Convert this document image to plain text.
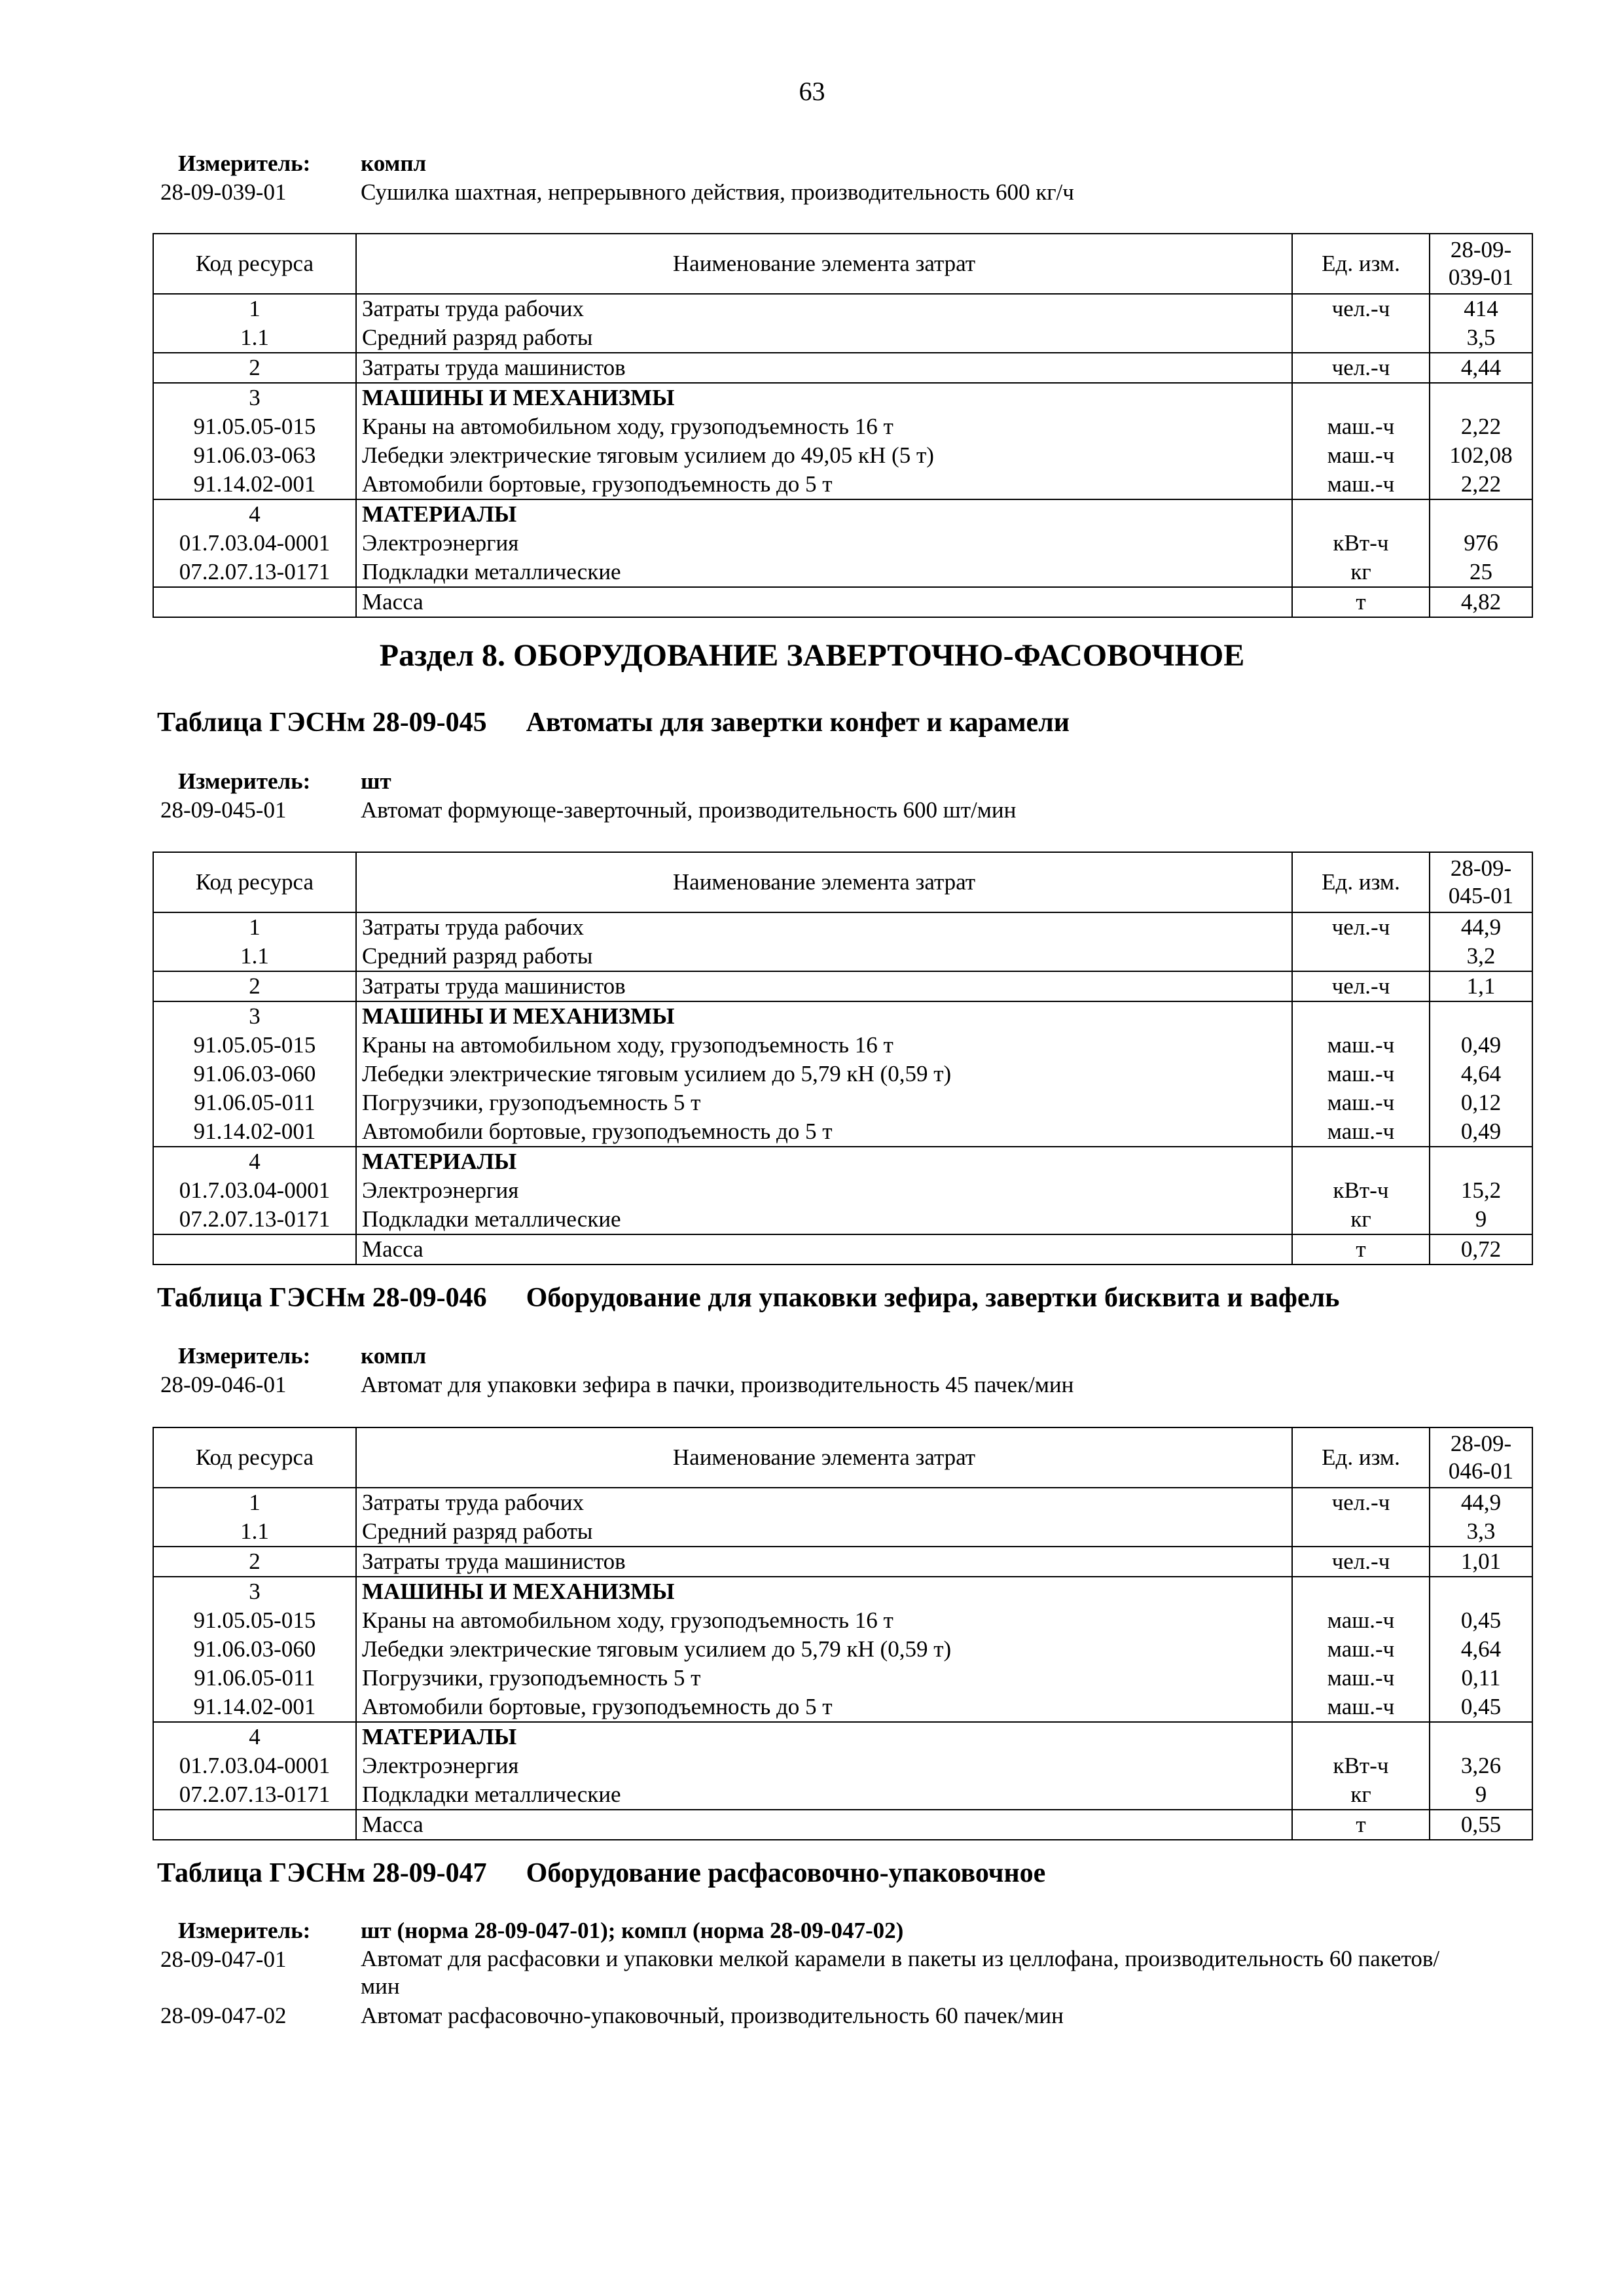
63
Измеритель: компл
28-09-039-01	Сушилка шахтная, непрерывного действия, производительность 600 кг/ч
Код ресурса	Наименование элемента затрат	Ед. изм.	28-09-
039-01
1	Затраты труда рабочих	чел.-ч	414
1.1	Средний разряд работы		3,5
2	Затраты труда машинистов	чел.-ч	4,44
3	МАШИНЫ И МЕХАНИЗМЫ		
91.05.05-015	Краны на автомобильном ходу, грузоподъемность 16 т	маш.-ч	2,22
91.06.03-063	Лебедки электрические тяговым усилием до 49,05 кН (5 т)	маш.-ч	102,08
91.14.02-001	Автомобили бортовые, грузоподъемность до 5 т	маш.-ч	2,22
4	МАТЕРИАЛЫ		
01.7.03.04-0001	Электроэнергия	кВт-ч	976
07.2.07.13-0171	Подкладки металлические	кг	25
	Масса	т	4,82
Раздел 8. ОБОРУДОВАНИЕ ЗАВЕРТОЧНО-ФАСОВОЧНОЕ
Таблица ГЭСНм 28-09-045 Автоматы для завертки конфет и карамели
Измеритель: шт
28-09-045-01	Автомат формующе-заверточный, производительность 600 шт/мин
Код ресурса	Наименование элемента затрат	Ед. изм.	28-09-
045-01
1	Затраты труда рабочих	чел.-ч	44,9
1.1	Средний разряд работы		3,2
2	Затраты труда машинистов	чел.-ч	1,1
3	МАШИНЫ И МЕХАНИЗМЫ		
91.05.05-015	Краны на автомобильном ходу, грузоподъемность 16 т	маш.-ч	0,49
91.06.03-060	Лебедки электрические тяговым усилием до 5,79 кН (0,59 т)	маш.-ч	4,64
91.06.05-011	Погрузчики, грузоподъемность 5 т	маш.-ч	0,12
91.14.02-001	Автомобили бортовые, грузоподъемность до 5 т	маш.-ч	0,49
4	МАТЕРИАЛЫ		
01.7.03.04-0001	Электроэнергия	кВт-ч	15,2
07.2.07.13-0171	Подкладки металлические	кг	9
	Масса	т	0,72
Таблица ГЭСНм 28-09-046 Оборудование для упаковки зефира, завертки бисквита и вафель
Измеритель: компл
28-09-046-01	Автомат для упаковки зефира в пачки, производительность 45 пачек/мин
Код ресурса	Наименование элемента затрат	Ед. изм.	28-09-
046-01
1	Затраты труда рабочих	чел.-ч	44,9
1.1	Средний разряд работы		3,3
2	Затраты труда машинистов	чел.-ч	1,01
3	МАШИНЫ И МЕХАНИЗМЫ		
91.05.05-015	Краны на автомобильном ходу, грузоподъемность 16 т	маш.-ч	0,45
91.06.03-060	Лебедки электрические тяговым усилием до 5,79 кН (0,59 т)	маш.-ч	4,64
91.06.05-011	Погрузчики, грузоподъемность 5 т	маш.-ч	0,11
91.14.02-001	Автомобили бортовые, грузоподъемность до 5 т	маш.-ч	0,45
4	МАТЕРИАЛЫ		
01.7.03.04-0001	Электроэнергия	кВт-ч	3,26
07.2.07.13-0171	Подкладки металлические	кг	9
	Масса	т	0,55
Таблица ГЭСНм 28-09-047 Оборудование расфасовочно-упаковочное
Измеритель: шт (норма 28-09-047-01); компл (норма 28-09-047-02)
28-09-047-01	Автомат для расфасовки и упаковки мелкой карамели в пакеты из целлофана, производительность 60 пакетов/мин
28-09-047-02	Автомат расфасовочно-упаковочный, производительность 60 пачек/мин
